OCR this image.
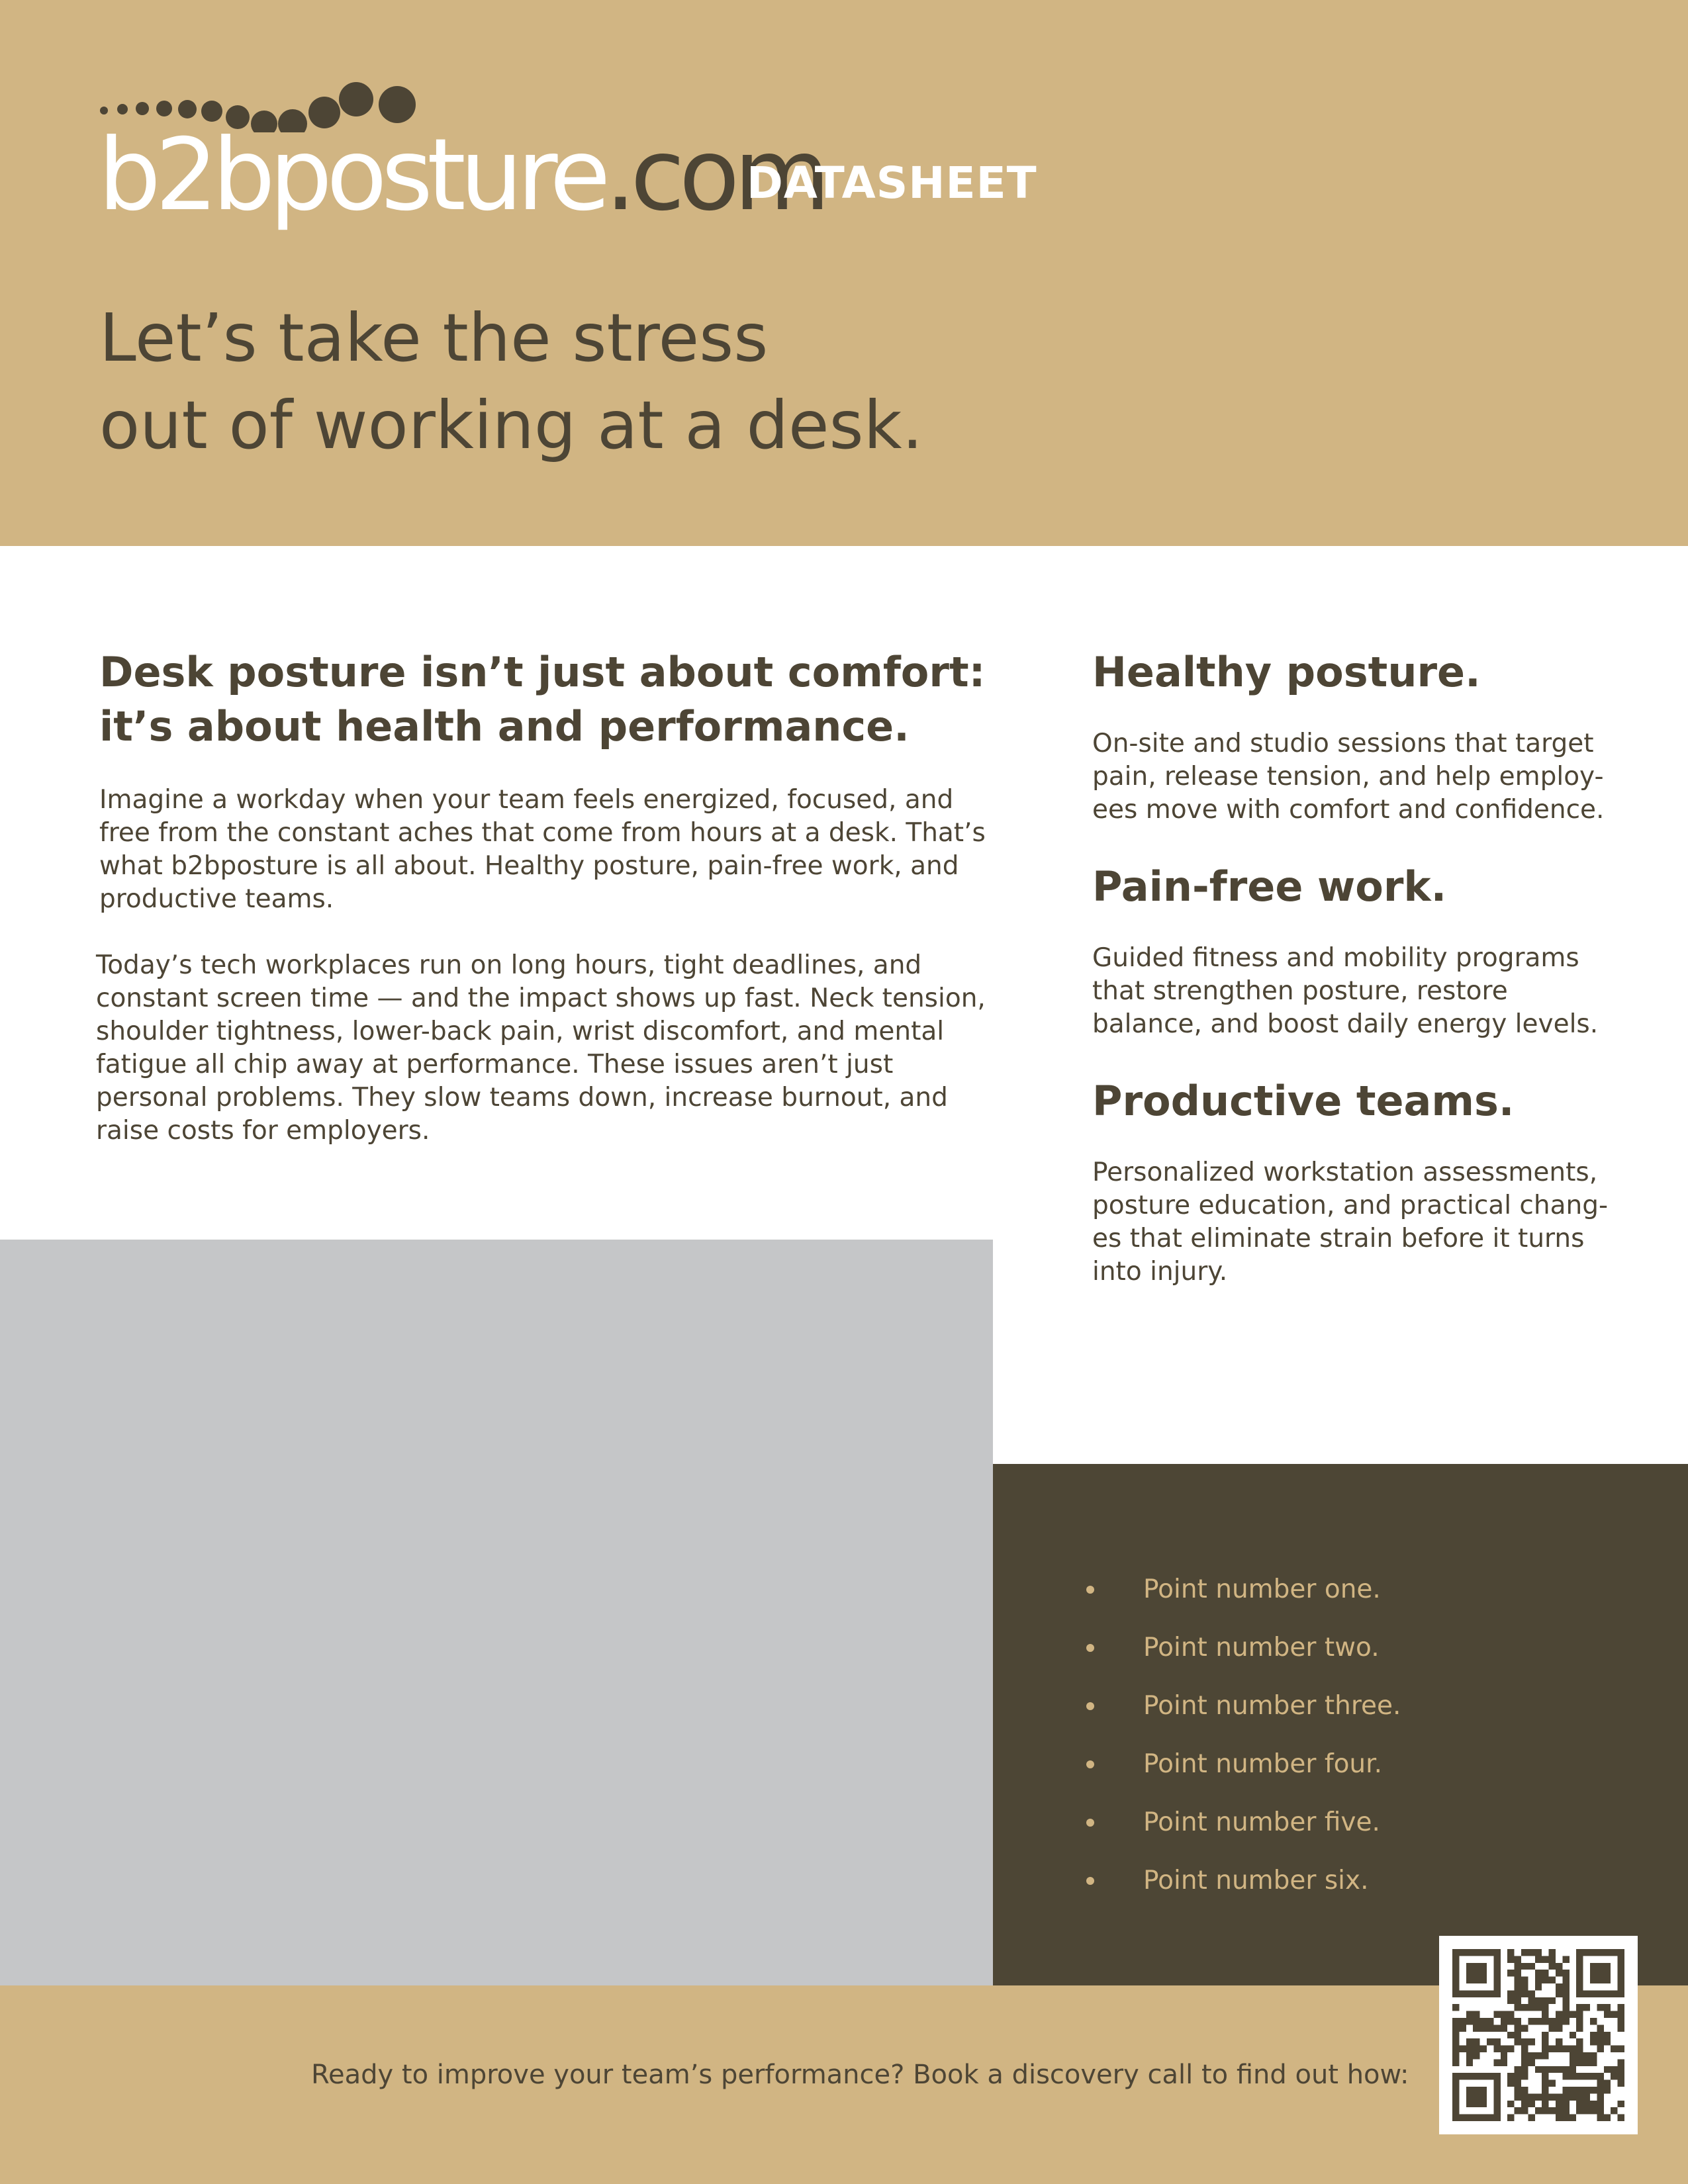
b2bposture.com
DATASHEET
Let’s take the stress
out of working at a desk.
Desk posture isn’t just about comfort:
it’s about health and performance.

Imagine a workday when your team feels energized, focused, and free from the constant aches that come from hours at a desk. That’s what b2bposture is all about. Healthy posture, pain-free work, and productive teams.

Today’s tech workplaces run on long hours, tight deadlines, and constant screen time — and the impact shows up fast. Neck tension, shoulder tightness, lower-back pain, wrist discomfort, and mental fatigue all chip away at performance. These issues aren’t just personal problems. They slow teams down, increase burnout, and raise costs for employers.

Healthy posture.

On-site and studio sessions that target pain, release tension, and help employ-ees move with comfort and confidence.

Pain-free work.

Guided fitness and mobility programs that strengthen posture, restore balance, and boost daily energy levels.

Productive teams.

Personalized workstation assessments, posture education, and practical chang-es that eliminate strain before it turns into injury.

Point number one.
Point number two.
Point number three.
Point number four.
Point number five.
Point number six.
Ready to improve your team’s performance? Book a discovery call to find out how:
